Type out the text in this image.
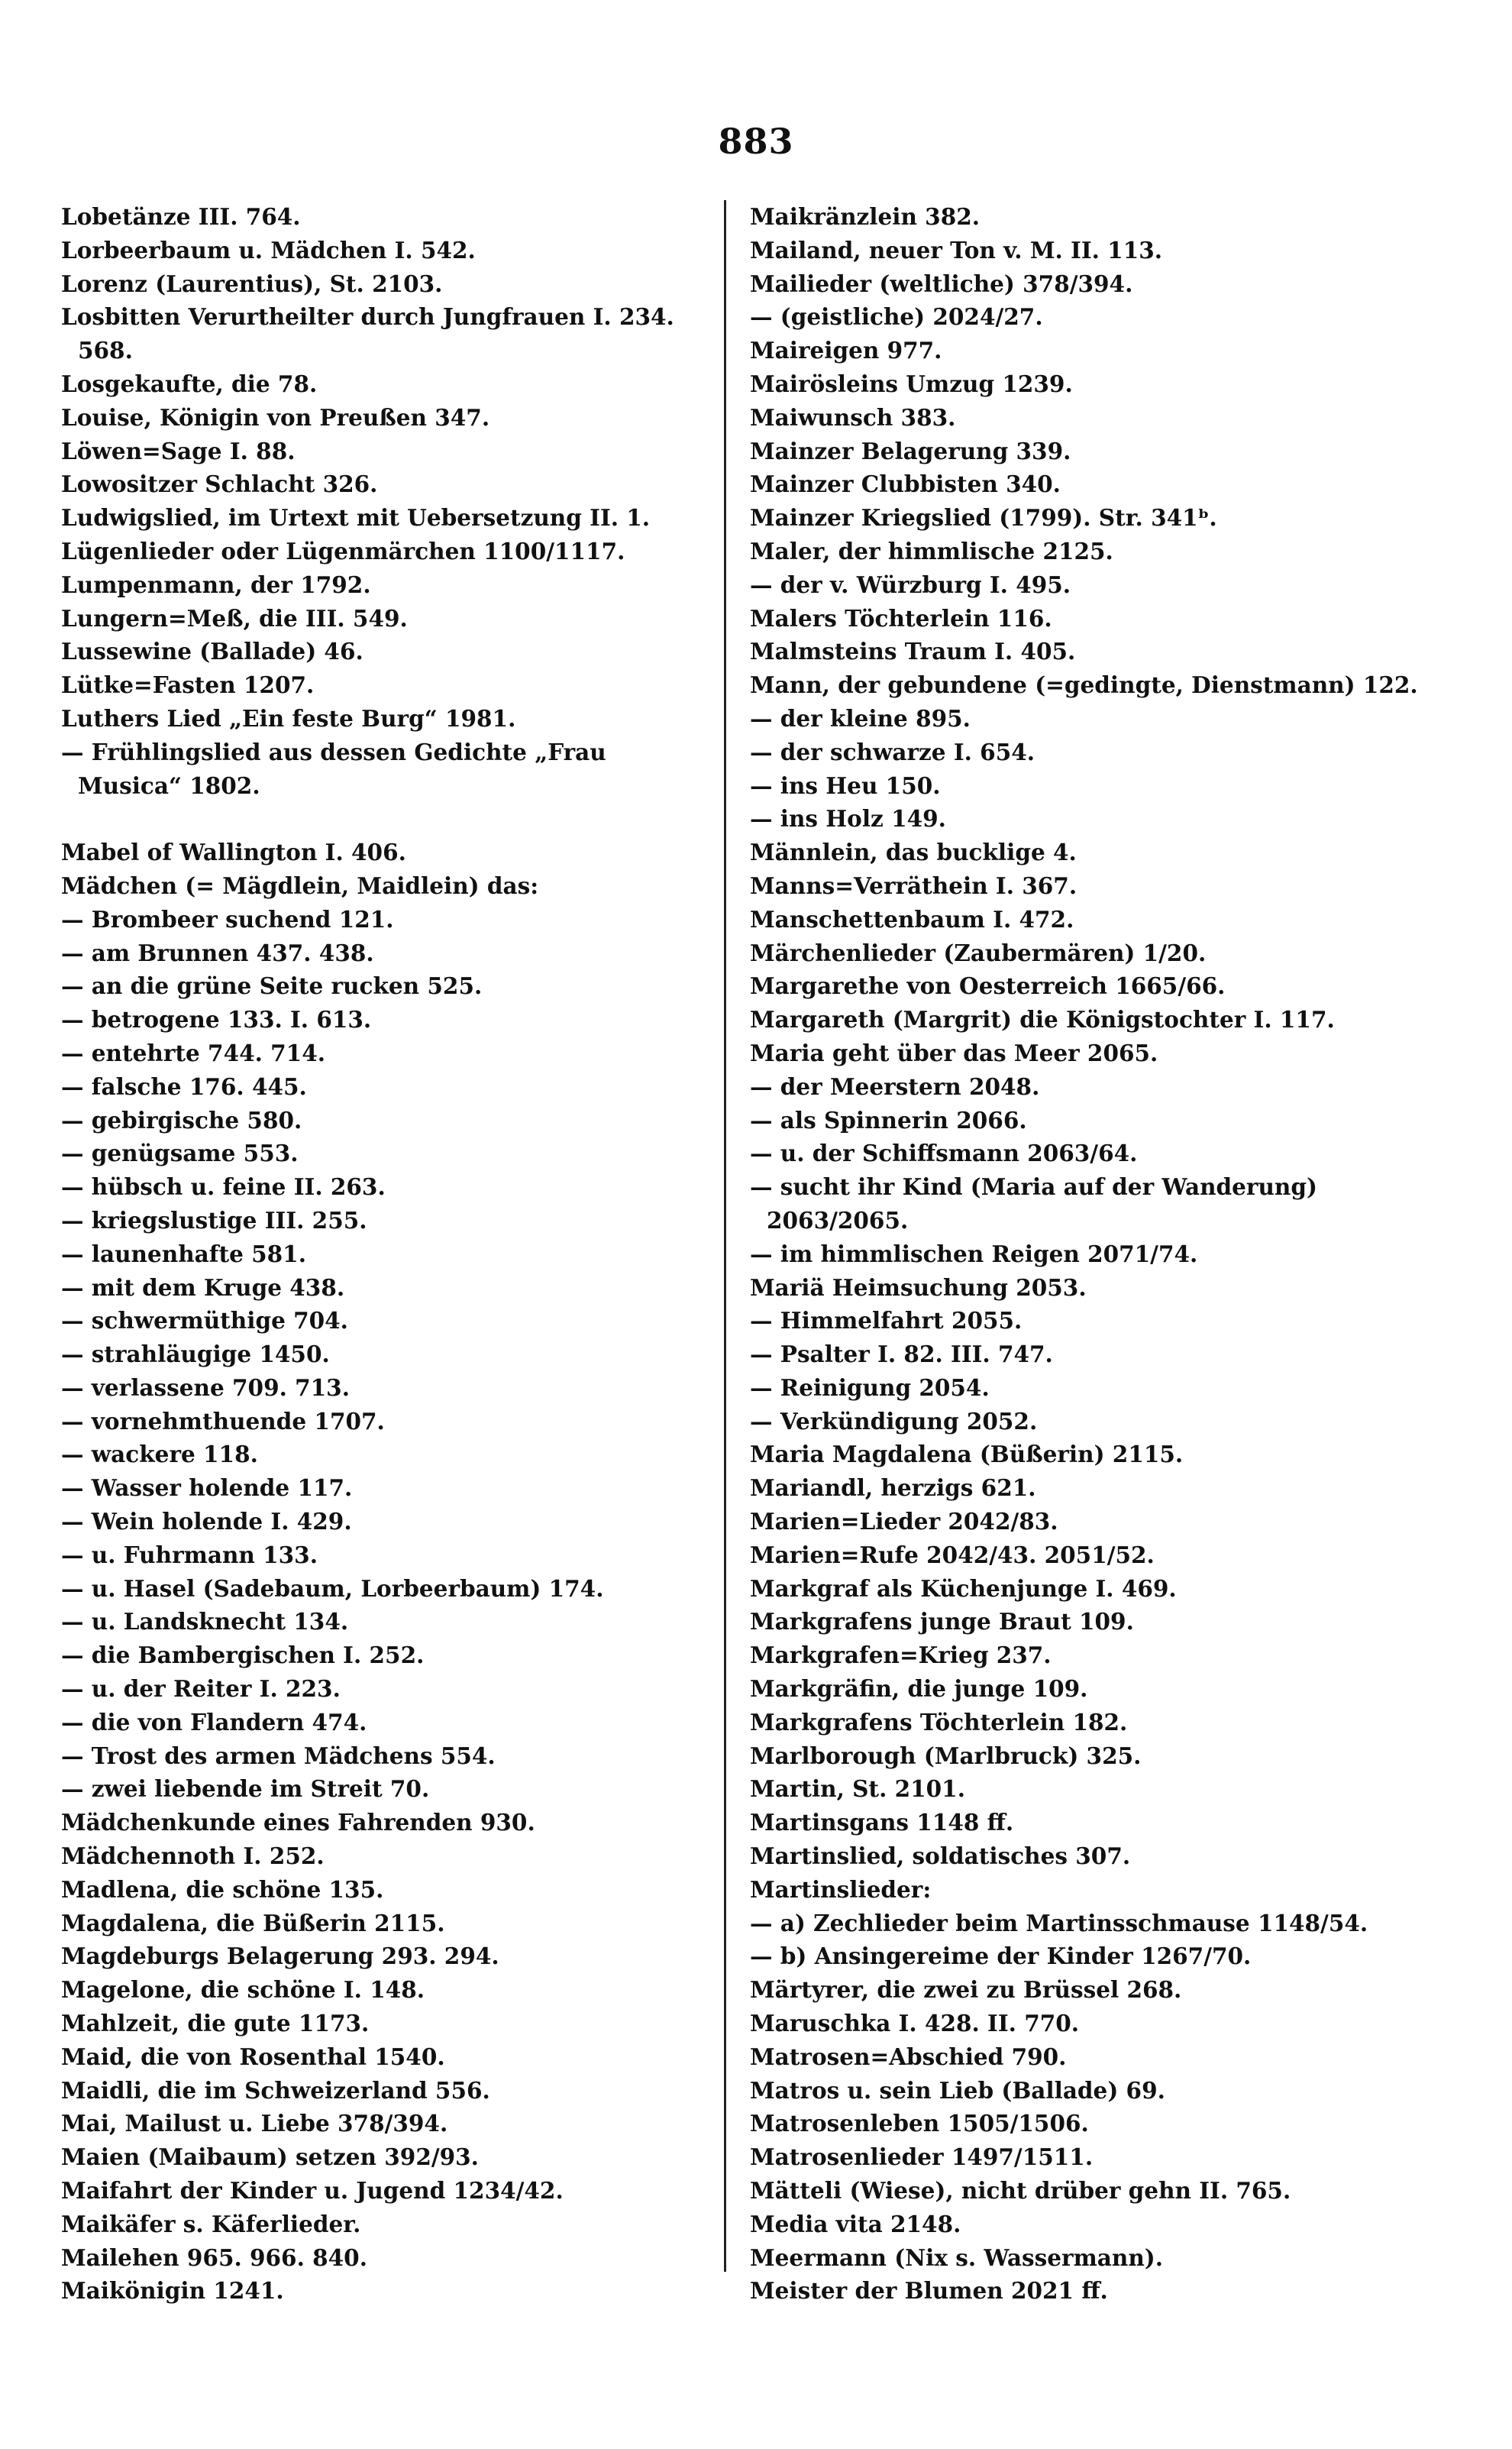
883
Lobetänze III. 764.
Lorbeerbaum u. Mädchen I. 542.
Lorenz (Laurentius), St. 2103.
Losbitten Verurtheilter durch Jungfrauen I. 234.
568.
Losgekaufte, die 78.
Louise, Königin von Preußen 347.
Löwen=Sage I. 88.
Lowositzer Schlacht 326.
Ludwigslied, im Urtext mit Uebersetzung II. 1.
Lügenlieder oder Lügenmärchen 1100/1117.
Lumpenmann, der 1792.
Lungern=Meß, die III. 549.
Lussewine (Ballade) 46.
Lütke=Fasten 1207.
Luthers Lied „Ein feste Burg“ 1981.
— Frühlingslied aus dessen Gedichte „Frau
Musica“ 1802.
Mabel of Wallington I. 406.
Mädchen (= Mägdlein, Maidlein) das:
— Brombeer suchend 121.
— am Brunnen 437. 438.
— an die grüne Seite rucken 525.
— betrogene 133. I. 613.
— entehrte 744. 714.
— falsche 176. 445.
— gebirgische 580.
— genügsame 553.
— hübsch u. feine II. 263.
— kriegslustige III. 255.
— launenhafte 581.
— mit dem Kruge 438.
— schwermüthige 704.
— strahläugige 1450.
— verlassene 709. 713.
— vornehmthuende 1707.
— wackere 118.
— Wasser holende 117.
— Wein holende I. 429.
— u. Fuhrmann 133.
— u. Hasel (Sadebaum, Lorbeerbaum) 174.
— u. Landsknecht 134.
— die Bambergischen I. 252.
— u. der Reiter I. 223.
— die von Flandern 474.
— Trost des armen Mädchens 554.
— zwei liebende im Streit 70.
Mädchenkunde eines Fahrenden 930.
Mädchennoth I. 252.
Madlena, die schöne 135.
Magdalena, die Büßerin 2115.
Magdeburgs Belagerung 293. 294.
Magelone, die schöne I. 148.
Mahlzeit, die gute 1173.
Maid, die von Rosenthal 1540.
Maidli, die im Schweizerland 556.
Mai, Mailust u. Liebe 378/394.
Maien (Maibaum) setzen 392/93.
Maifahrt der Kinder u. Jugend 1234/42.
Maikäfer s. Käferlieder.
Mailehen 965. 966. 840.
Maikönigin 1241.
Maikränzlein 382.
Mailand, neuer Ton v. M. II. 113.
Mailieder (weltliche) 378/394.
— (geistliche) 2024/27.
Maireigen 977.
Mairösleins Umzug 1239.
Maiwunsch 383.
Mainzer Belagerung 339.
Mainzer Clubbisten 340.
Mainzer Kriegslied (1799). Str. 341ᵇ.
Maler, der himmlische 2125.
— der v. Würzburg I. 495.
Malers Töchterlein 116.
Malmsteins Traum I. 405.
Mann, der gebundene (=gedingte, Dienstmann) 122.
— der kleine 895.
— der schwarze I. 654.
— ins Heu 150.
— ins Holz 149.
Männlein, das bucklige 4.
Manns=Verräthein I. 367.
Manschettenbaum I. 472.
Märchenlieder (Zaubermären) 1/20.
Margarethe von Oesterreich 1665/66.
Margareth (Margrit) die Königstochter I. 117.
Maria geht über das Meer 2065.
— der Meerstern 2048.
— als Spinnerin 2066.
— u. der Schiffsmann 2063/64.
— sucht ihr Kind (Maria auf der Wanderung)
2063/2065.
— im himmlischen Reigen 2071/74.
Mariä Heimsuchung 2053.
— Himmelfahrt 2055.
— Psalter I. 82. III. 747.
— Reinigung 2054.
— Verkündigung 2052.
Maria Magdalena (Büßerin) 2115.
Mariandl, herzigs 621.
Marien=Lieder 2042/83.
Marien=Rufe 2042/43. 2051/52.
Markgraf als Küchenjunge I. 469.
Markgrafens junge Braut 109.
Markgrafen=Krieg 237.
Markgräfin, die junge 109.
Markgrafens Töchterlein 182.
Marlborough (Marlbruck) 325.
Martin, St. 2101.
Martinsgans 1148 ff.
Martinslied, soldatisches 307.
Martinslieder:
— a) Zechlieder beim Martinsschmause 1148/54.
— b) Ansingereime der Kinder 1267/70.
Märtyrer, die zwei zu Brüssel 268.
Maruschka I. 428. II. 770.
Matrosen=Abschied 790.
Matros u. sein Lieb (Ballade) 69.
Matrosenleben 1505/1506.
Matrosenlieder 1497/1511.
Mätteli (Wiese), nicht drüber gehn II. 765.
Media vita 2148.
Meermann (Nix s. Wassermann).
Meister der Blumen 2021 ff.
